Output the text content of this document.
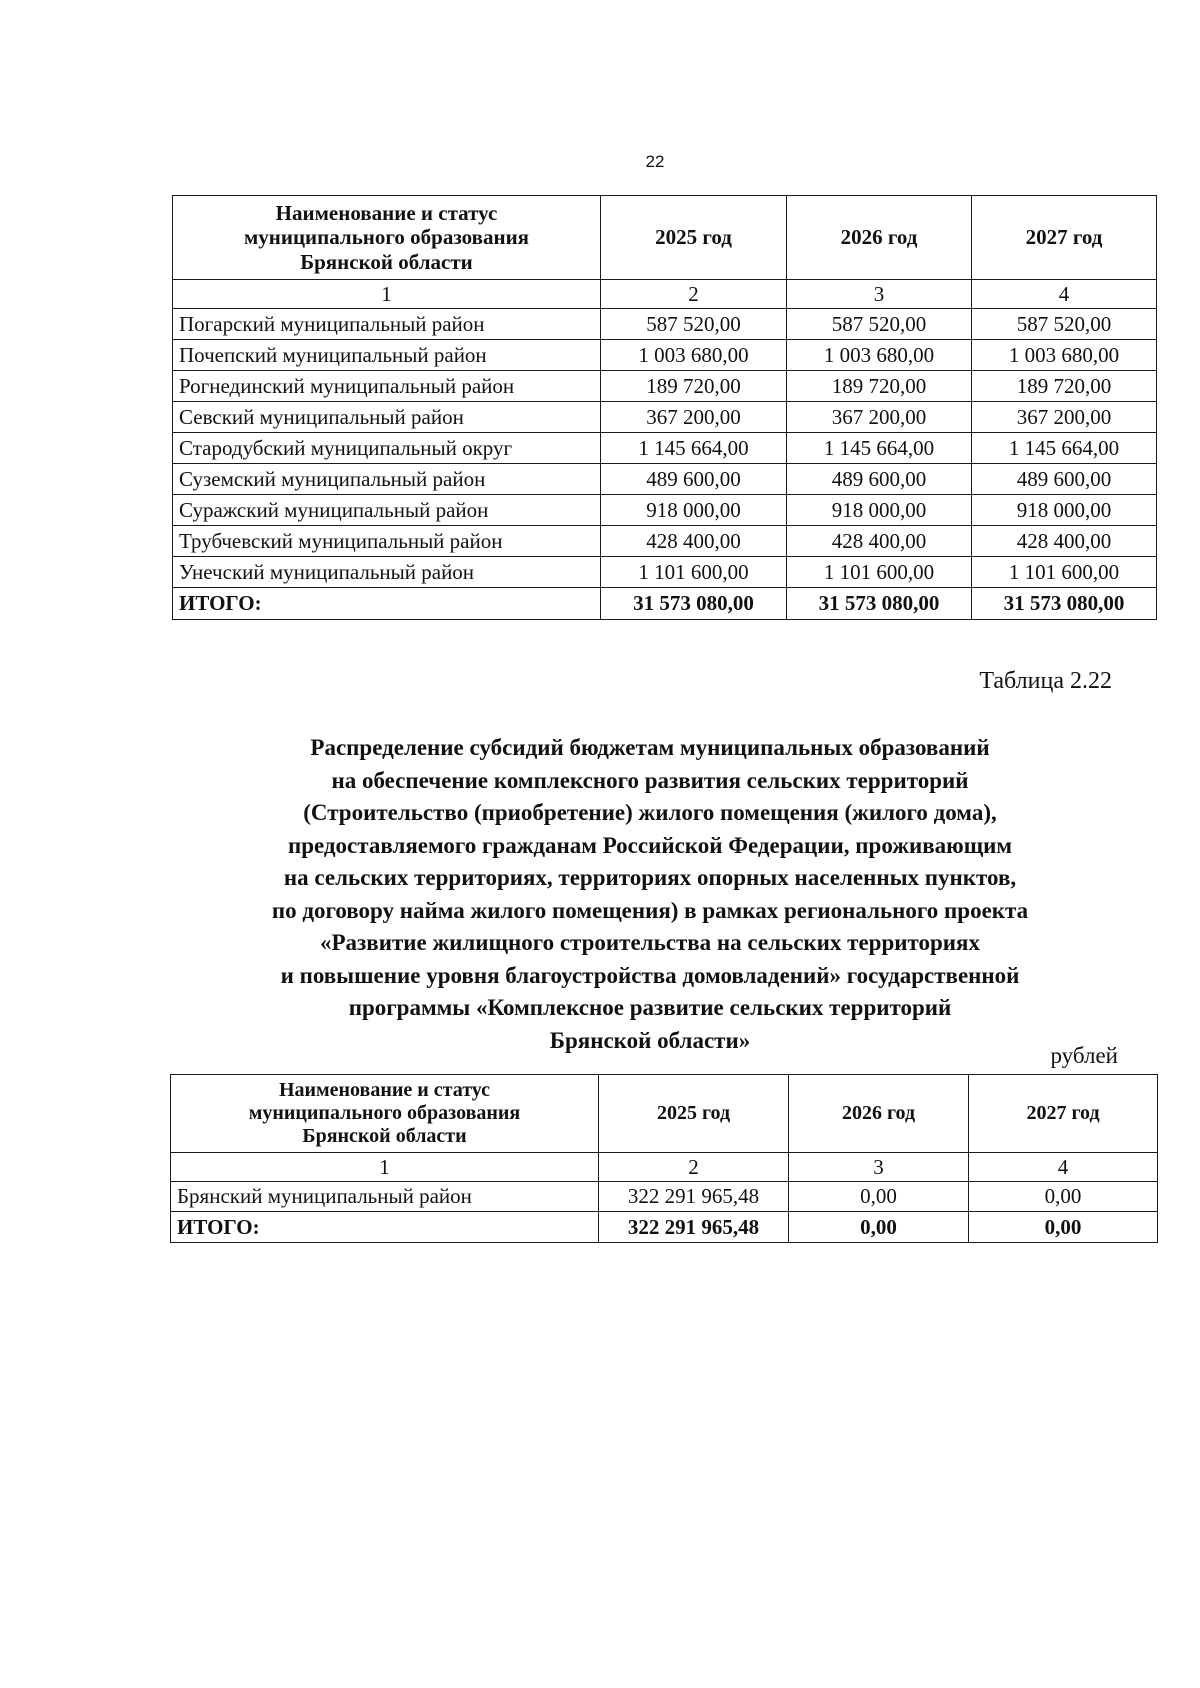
22
Наименование и статус
муниципального образования
Брянской области	2025 год	2026 год	2027 год
1	2	3	4
Погарский муниципальный район	587 520,00	587 520,00	587 520,00
Почепский муниципальный район	1 003 680,00	1 003 680,00	1 003 680,00
Рогнединский муниципальный район	189 720,00	189 720,00	189 720,00
Севский муниципальный район	367 200,00	367 200,00	367 200,00
Стародубский муниципальный округ	1 145 664,00	1 145 664,00	1 145 664,00
Суземский муниципальный район	489 600,00	489 600,00	489 600,00
Суражский муниципальный район	918 000,00	918 000,00	918 000,00
Трубчевский муниципальный район	428 400,00	428 400,00	428 400,00
Унечский муниципальный район	1 101 600,00	1 101 600,00	1 101 600,00
ИТОГО:	31 573 080,00	31 573 080,00	31 573 080,00
Таблица 2.22
Распределение субсидий бюджетам муниципальных образований
на обеспечение комплексного развития сельских территорий
(Строительство (приобретение) жилого помещения (жилого дома),
предоставляемого гражданам Российской Федерации, проживающим
на сельских территориях, территориях опорных населенных пунктов,
по договору найма жилого помещения) в рамках регионального проекта
«Развитие жилищного строительства на сельских территориях
и повышение уровня благоустройства домовладений» государственной
программы «Комплексное развитие сельских территорий
Брянской области»
рублей
Наименование и статус
муниципального образования
Брянской области	2025 год	2026 год	2027 год
1	2	3	4
Брянский муниципальный район	322 291 965,48	0,00	0,00
ИТОГО:	322 291 965,48	0,00	0,00
